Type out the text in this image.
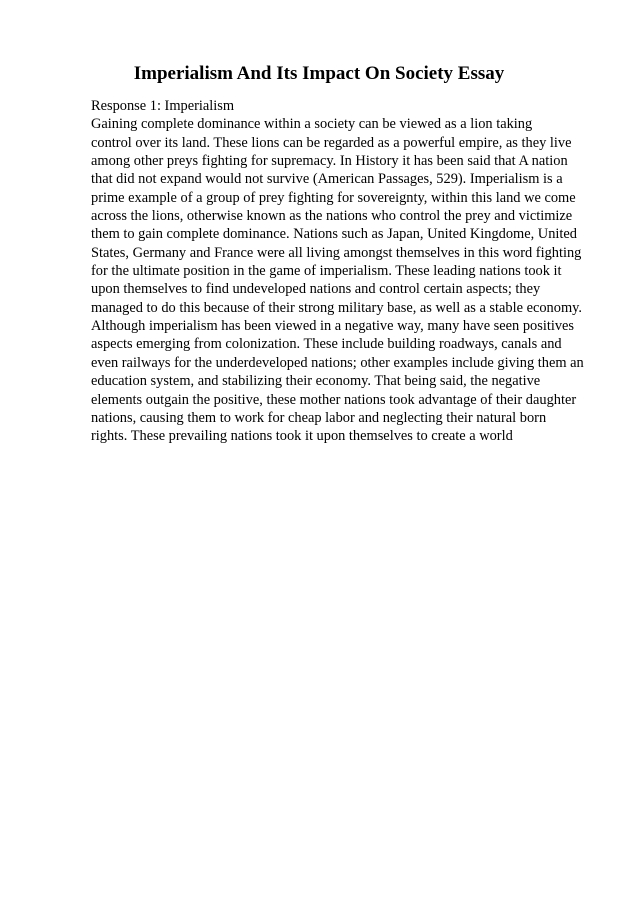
Imperialism And Its Impact On Society Essay
Response 1: Imperialism
Gaining complete dominance within a society can be viewed as a lion taking
control over its land. These lions can be regarded as a powerful empire, as they live
among other preys fighting for supremacy. In History it has been said that A nation
that did not expand would not survive (American Passages, 529). Imperialism is a
prime example of a group of prey fighting for sovereignty, within this land we come
across the lions, otherwise known as the nations who control the prey and victimize
them to gain complete dominance. Nations such as Japan, United Kingdome, United
States, Germany and France were all living amongst themselves in this word fighting
for the ultimate position in the game of imperialism. These leading nations took it
upon themselves to find undeveloped nations and control certain aspects; they
managed to do this because of their strong military base, as well as a stable economy.
Although imperialism has been viewed in a negative way, many have seen positives
aspects emerging from colonization. These include building roadways, canals and
even railways for the underdeveloped nations; other examples include giving them an
education system, and stabilizing their economy. That being said, the negative
elements outgain the positive, these mother nations took advantage of their daughter
nations, causing them to work for cheap labor and neglecting their natural born
rights. These prevailing nations took it upon themselves to create a world
